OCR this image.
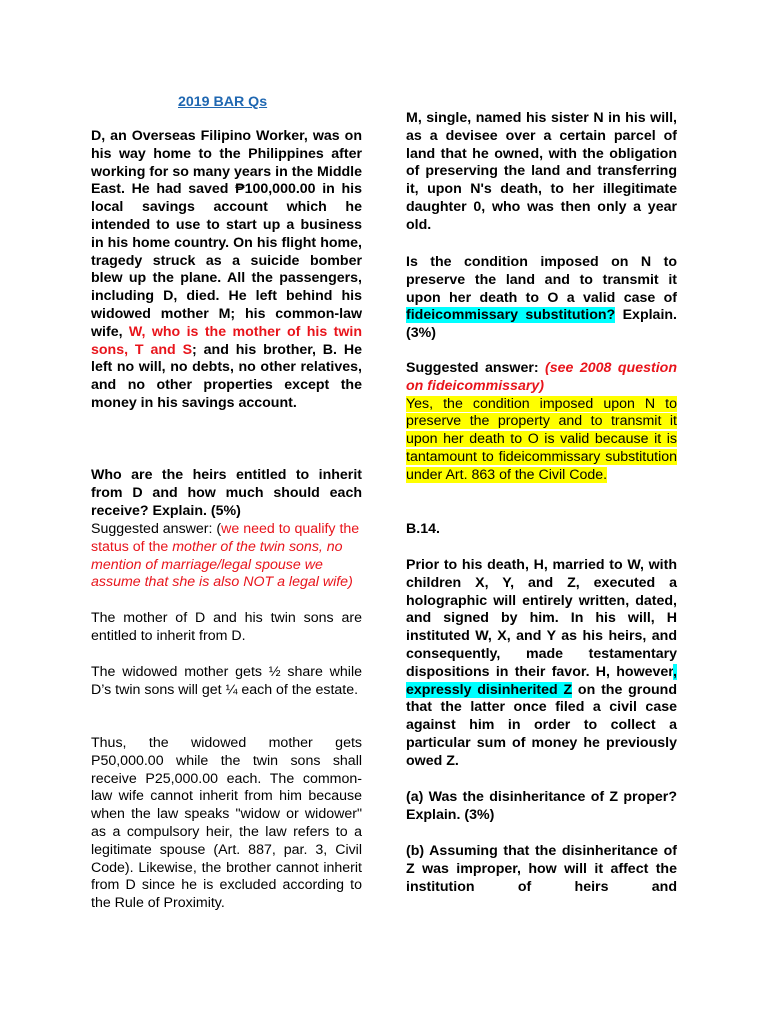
2019 BAR Qs

D, an Overseas Filipino Worker, was on his way home to the Philippines after working for so many years in the Middle East. He had saved ₱100,000.00 in his local savings account which he intended to use to start up a business in his home country. On his flight home, tragedy struck as a suicide bomber blew up the plane. All the passengers, including D, died. He left behind his widowed mother M; his common-law wife, W, who is the mother of his twin sons, T and S; and his brother, B. He left no will, no debts, no other relatives, and no other properties except the money in his savings account.

Who are the heirs entitled to inherit from D and how much should each receive? Explain. (5%)

Suggested answer: (we need to qualify the status of the mother of the twin sons, no mention of marriage/legal spouse we assume that she is also NOT a legal wife)

The mother of D and his twin sons are entitled to inherit from D.

The widowed mother gets ½ share while D’s twin sons will get ¼ each of the estate.

Thus, the widowed mother gets P50,000.00 while the twin sons shall receive P25,000.00 each. The common-law wife cannot inherit from him because when the law speaks "widow or widower" as a compulsory heir, the law refers to a legitimate spouse (Art. 887, par. 3, Civil Code). Likewise, the brother cannot inherit from D since he is excluded according to the Rule of Proximity.

M, single, named his sister N in his will, as a devisee over a certain parcel of land that he owned, with the obligation of preserving the land and transferring it, upon N's death, to her illegitimate daughter 0, who was then only a year old.

Is the condition imposed on N to preserve the land and to transmit it upon her death to O a valid case of fideicommissary substitution? Explain. (3%)

Suggested answer: (see 2008 question on fideicommissary)

Yes, the condition imposed upon N to preserve the property and to transmit it upon her death to O is valid because it is tantamount to fideicommissary substitution under Art. 863 of the Civil Code.

B.14.

Prior to his death, H, married to W, with children X, Y, and Z, executed a holographic will entirely written, dated, and signed by him. In his will, H instituted W, X, and Y as his heirs, and consequently, made testamentary dispositions in their favor. H, however, expressly disinherited Z on the ground that the latter once filed a civil case against him in order to collect a particular sum of money he previously owed Z.

(a) Was the disinheritance of Z proper? Explain. (3%)

(b) Assuming that the disinheritance of Z was improper, how will it affect the institution of heirs and
